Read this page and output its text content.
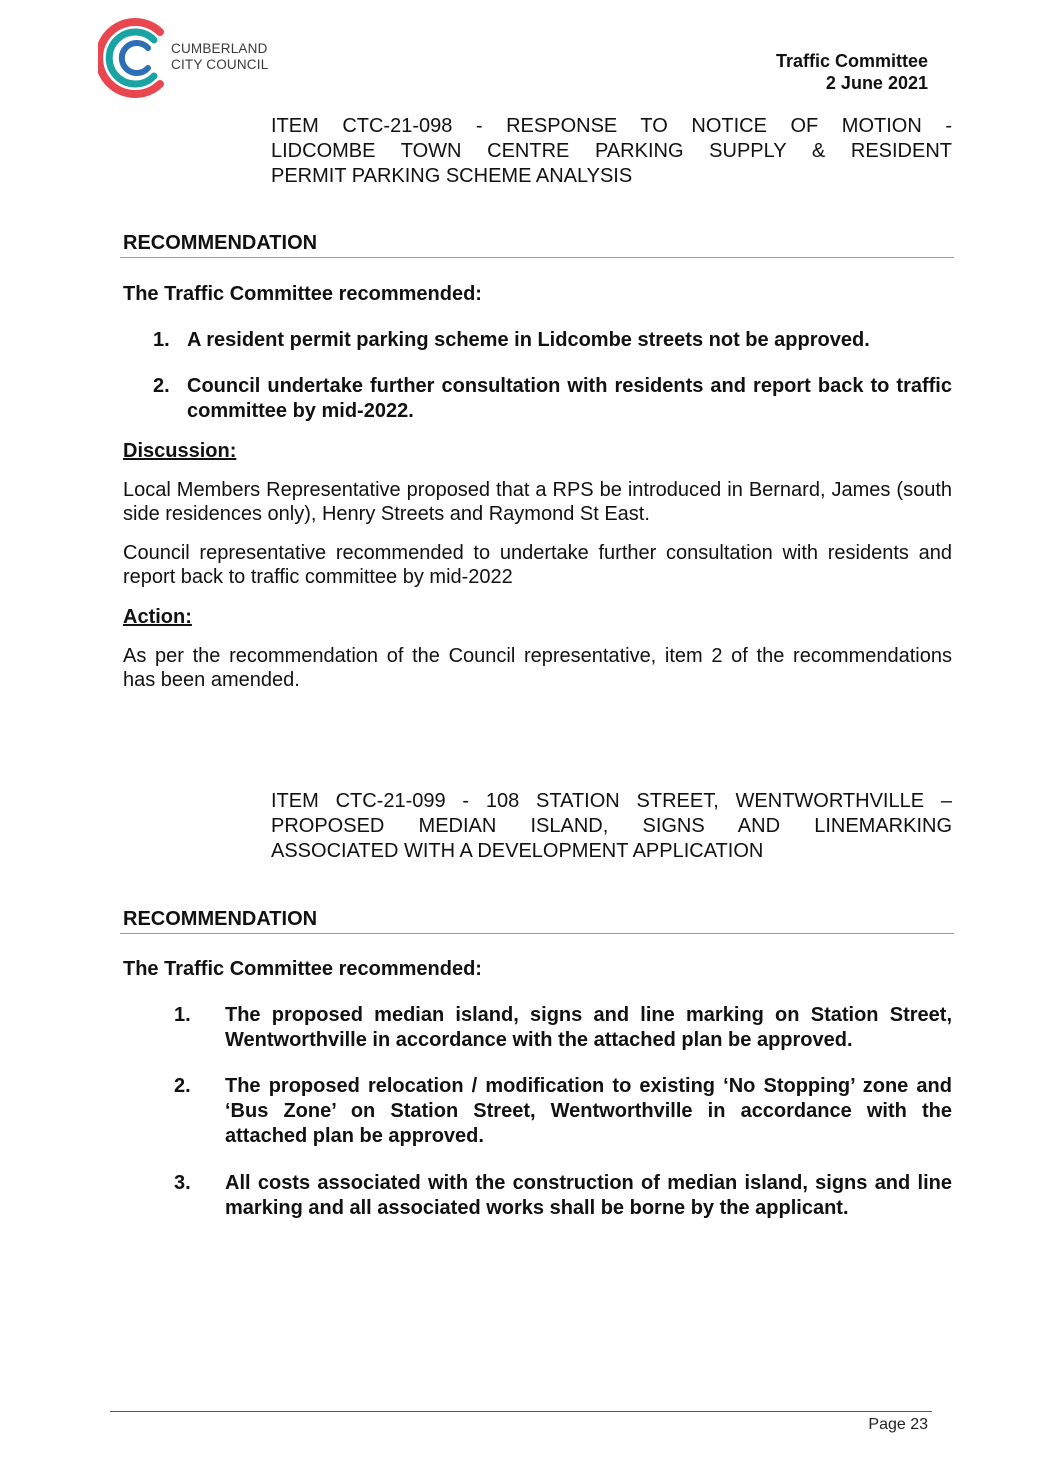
CUMBERLAND
CITY COUNCIL	Traffic Committee
2 June 2021
ITEM CTC-21-098 - RESPONSE TO NOTICE OF MOTION -
LIDCOMBE TOWN CENTRE PARKING SUPPLY & RESIDENT
PERMIT PARKING SCHEME ANALYSIS
RECOMMENDATION
The Traffic Committee recommended:
1. A resident permit parking scheme in Lidcombe streets not be approved.
2. Council undertake further consultation with residents and report back to traffic committee by mid-2022.
Discussion:
Local Members Representative proposed that a RPS be introduced in Bernard, James (south side residences only), Henry Streets and Raymond St East.
Council representative recommended to undertake further consultation with residents and report back to traffic committee by mid-2022
Action:
As per the recommendation of the Council representative, item 2 of the recommendations has been amended.
ITEM CTC-21-099 - 108 STATION STREET, WENTWORTHVILLE –
PROPOSED MEDIAN ISLAND, SIGNS AND LINEMARKING
ASSOCIATED WITH A DEVELOPMENT APPLICATION
RECOMMENDATION
The Traffic Committee recommended:
1. The proposed median island, signs and line marking on Station Street, Wentworthville in accordance with the attached plan be approved.
2. The proposed relocation / modification to existing ‘No Stopping’ zone and ‘Bus Zone’ on Station Street, Wentworthville in accordance with the attached plan be approved.
3. All costs associated with the construction of median island, signs and line marking and all associated works shall be borne by the applicant.
Page 23
